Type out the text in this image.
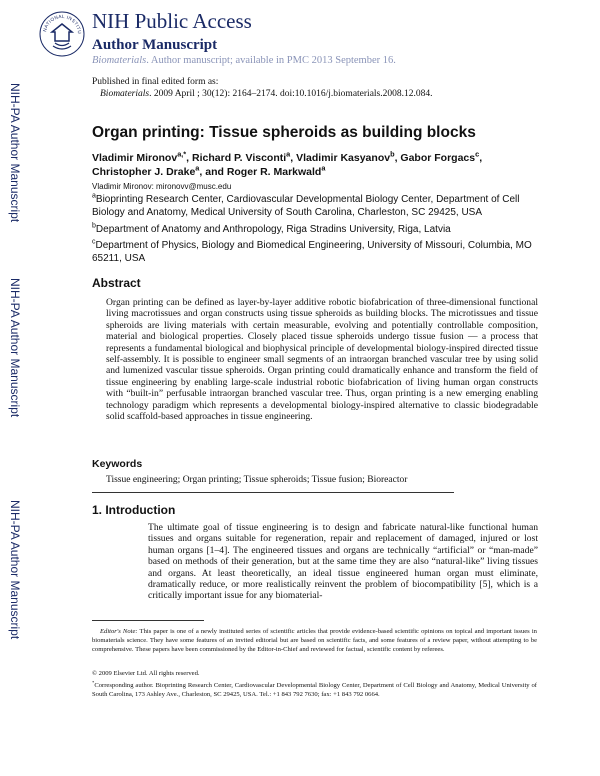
NATIONAL INSTITU NIH Public Access
Author Manuscript
Biomaterials. Author manuscript; available in PMC 2013 September 16.
Published in final edited form as:
Biomaterials. 2009 April ; 30(12): 2164–2174. doi:10.1016/j.biomaterials.2008.12.084.
NIH-PA Author Manuscript
NIH-PA Author Manuscript
NIH-PA Author Manuscript
Organ printing: Tissue spheroids as building blocks
Vladimir Mironov$^{a,*}$, Richard P. Visconti$^a$, Vladimir Kasyanov$^b$, Gabor Forgacs$^c$,
Christopher J. Drake$^a$, and Roger R. Markwald$^a$
Vladimir Mironov: mironovv@musc.edu
$^a$Bioprinting Research Center, Cardiovascular Developmental Biology Center, Department of Cell Biology and Anatomy, Medical University of South Carolina, Charleston, SC 29425, USA
$^b$Department of Anatomy and Anthropology, Riga Stradins University, Riga, Latvia
$^c$Department of Physics, Biology and Biomedical Engineering, University of Missouri, Columbia, MO 65211, USA
Abstract
Organ printing can be defined as layer-by-layer additive robotic biofabrication of three-dimensional functional living macrotissues and organ constructs using tissue spheroids as building blocks. The microtissues and tissue spheroids are living materials with certain measurable, evolving and potentially controllable composition, material and biological properties. Closely placed tissue spheroids undergo tissue fusion — a process that represents a fundamental biological and biophysical principle of developmental biology-inspired directed tissue self-assembly. It is possible to engineer small segments of an intraorgan branched vascular tree by using solid and lumenized vascular tissue spheroids. Organ printing could dramatically enhance and transform the field of tissue engineering by enabling large-scale industrial robotic biofabrication of living human organ constructs with “built-in” perfusable intraorgan branched vascular tree. Thus, organ printing is a new emerging enabling technology paradigm which represents a developmental biology-inspired alternative to classic biodegradable solid scaffold-based approaches in tissue engineering.
Keywords
Tissue engineering; Organ printing; Tissue spheroids; Tissue fusion; Bioreactor
1. Introduction
The ultimate goal of tissue engineering is to design and fabricate natural-like functional human tissues and organs suitable for regeneration, repair and replacement of damaged, injured or lost human organs [1–4]. The engineered tissues and organs are technically “artificial” or “man-made” based on methods of their generation, but at the same time they are also “natural-like” living tissues and organs. At least theoretically, an ideal tissue engineered human organ must eliminate, dramatically reduce, or more realistically reinvent the problem of biocompatibility [5], which is a critically important issue for any biomaterial-
Editor's Note: This paper is one of a newly instituted series of scientific articles that provide evidence-based scientific opinions on topical and important issues in biomaterials science. They have some features of an invited editorial but are based on scientific facts, and some features of a review paper, without attempting to be comprehensive. These papers have been commissioned by the Editor-in-Chief and reviewed for factual, scientific content by referees.
© 2009 Elsevier Ltd. All rights reserved.
*Corresponding author. Bioprinting Research Center, Cardiovascular Developmental Biology Center, Department of Cell Biology and Anatomy, Medical University of South Carolina, 173 Ashley Ave., Charleston, SC 29425, USA. Tel.: +1 843 792 7630; fax: +1 843 792 0664.
